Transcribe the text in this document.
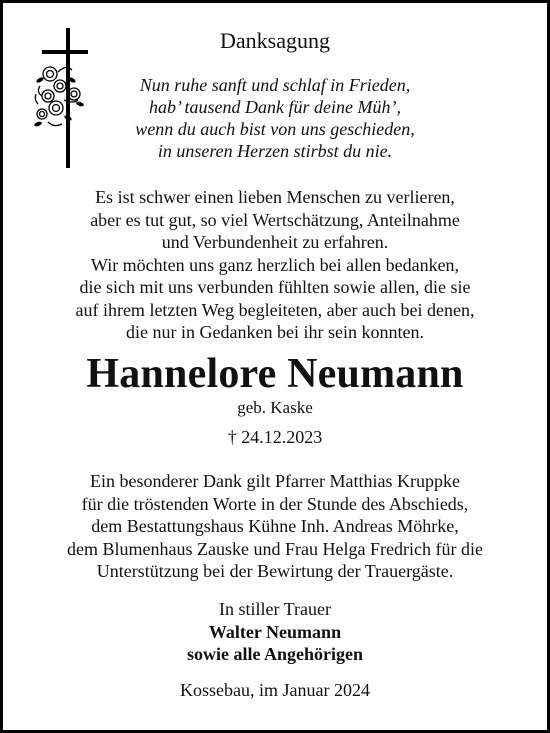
Danksagung
Nun ruhe sanft und schlaf in Frieden,
hab’ tausend Dank für deine Müh’,
wenn du auch bist von uns geschieden,
in unseren Herzen stirbst du nie.
Es ist schwer einen lieben Menschen zu verlieren,
aber es tut gut, so viel Wertschätzung, Anteilnahme
und Verbundenheit zu erfahren.
Wir möchten uns ganz herzlich bei allen bedanken,
die sich mit uns verbunden fühlten sowie allen, die sie
auf ihrem letzten Weg begleiteten, aber auch bei denen,
die nur in Gedanken bei ihr sein konnten.
Hannelore Neumann
geb. Kaske
† 24.12.2023
Ein besonderer Dank gilt Pfarrer Matthias Kruppke
für die tröstenden Worte in der Stunde des Abschieds,
dem Bestattungshaus Kühne Inh. Andreas Möhrke,
dem Blumenhaus Zauske und Frau Helga Fredrich für die
Unterstützung bei der Bewirtung der Trauergäste.
In stiller Trauer
Walter Neumann
sowie alle Angehörigen
Kossebau, im Januar 2024
